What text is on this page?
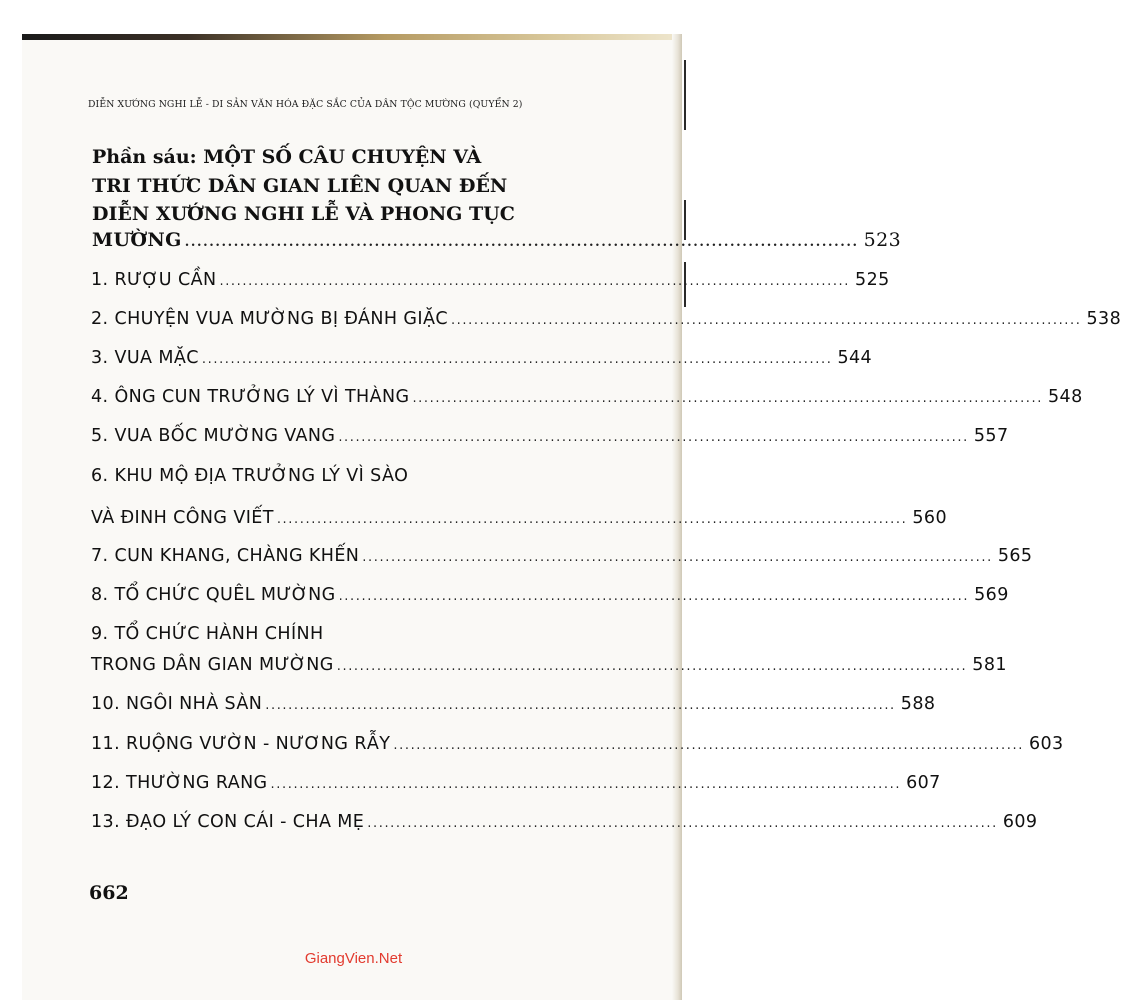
DIỄN XƯỚNG NGHI LỄ - DI SẢN VĂN HÓA ĐẶC SẮC CỦA DÂN TỘC MƯỜNG (QUYỂN 2)
Phần sáu: MỘT SỐ CÂU CHUYỆN VÀ
TRI THỨC DÂN GIAN LIÊN QUAN ĐẾN
DIỄN XƯỚNG NGHI LỄ VÀ PHONG TỤC
MƯỜNG .............................................................................................................. 523
1. RƯỢU CẦN .............................................................................................................. 525
2. CHUYỆN VUA MƯỜNG BỊ ĐÁNH GIẶC .............................................................................................................. 538
3. VUA MẶC .............................................................................................................. 544
4. ÔNG CUN TRƯỞNG LÝ VÌ THÀNG .............................................................................................................. 548
5. VUA BỐC MƯỜNG VANG .............................................................................................................. 557
6. KHU MỘ ĐỊA TRƯỞNG LÝ VÌ SÀO
VÀ ĐINH CÔNG VIẾT .............................................................................................................. 560
7. CUN KHANG, CHÀNG KHẾN .............................................................................................................. 565
8. TỔ CHỨC QUÊL MƯỜNG .............................................................................................................. 569
9. TỔ CHỨC HÀNH CHÍNH
TRONG DÂN GIAN MƯỜNG .............................................................................................................. 581
10. NGÔI NHÀ SÀN .............................................................................................................. 588
11. RUỘNG VƯỜN - NƯƠNG RẪY .............................................................................................................. 603
12. THƯỜNG RANG .............................................................................................................. 607
13. ĐẠO LÝ CON CÁI - CHA MẸ .............................................................................................................. 609
662
GiangVien.Net
